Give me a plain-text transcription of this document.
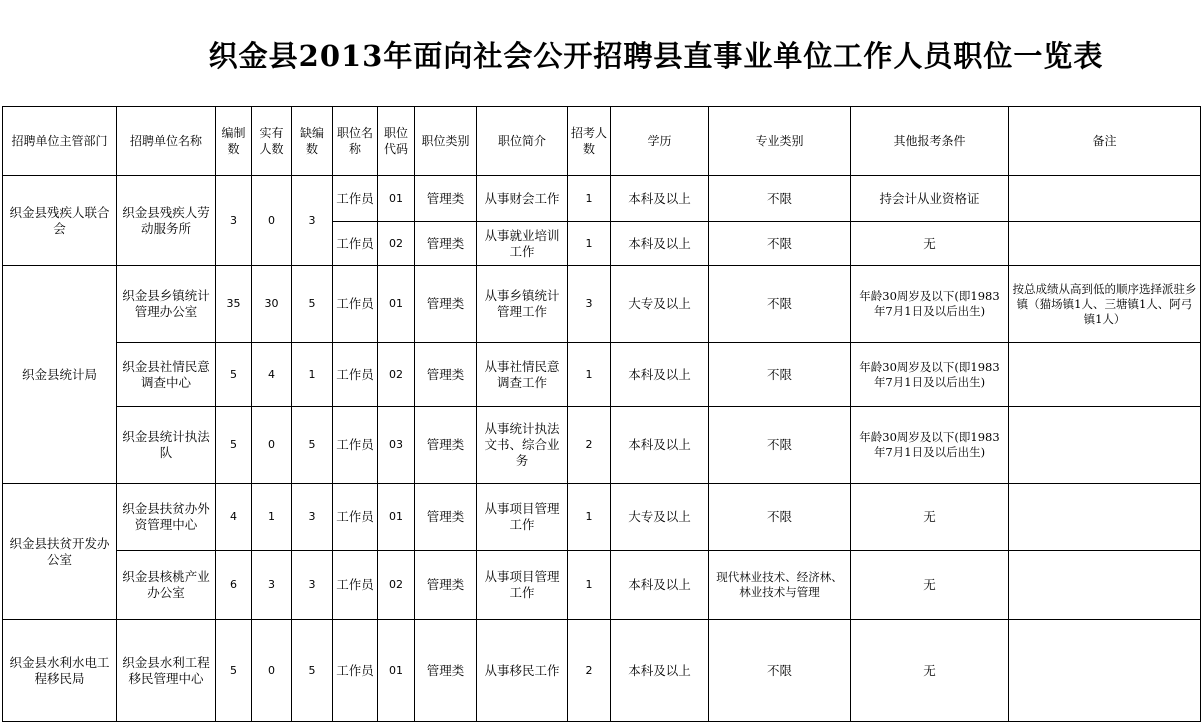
织金县2013年面向社会公开招聘县直事业单位工作人员职位一览表
招聘单位主管部门	招聘单位名称	编制数	实有人数	缺编数	职位名称	职位代码	职位类别	职位简介	招考人数	学历	专业类别	其他报考条件	备注
织金县残疾人联合会	织金县残疾人劳动服务所	3	0	3	工作员	01	管理类	从事财会工作	1	本科及以上	不限	持会计从业资格证	
					工作员	02	管理类	从事就业培训工作	1	本科及以上	不限	无	
织金县统计局	织金县乡镇统计管理办公室	35	30	5	工作员	01	管理类	从事乡镇统计管理工作	3	大专及以上	不限	年龄30周岁及以下(即1983年7月1日及以后出生)	按总成绩从高到低的顺序选择派驻乡镇（猫场镇1人、三塘镇1人、阿弓镇1人）
	织金县社情民意调查中心	5	4	1	工作员	02	管理类	从事社情民意调查工作	1	本科及以上	不限	年龄30周岁及以下(即1983年7月1日及以后出生)	
	织金县统计执法队	5	0	5	工作员	03	管理类	从事统计执法文书、综合业务	2	本科及以上	不限	年龄30周岁及以下(即1983年7月1日及以后出生)	
织金县扶贫开发办公室	织金县扶贫办外资管理中心	4	1	3	工作员	01	管理类	从事项目管理工作	1	大专及以上	不限	无	
	织金县核桃产业办公室	6	3	3	工作员	02	管理类	从事项目管理工作	1	本科及以上	现代林业技术、经济林、林业技术与管理	无	
织金县水利水电工程移民局	织金县水利工程移民管理中心	5	0	5	工作员	01	管理类	从事移民工作	2	本科及以上	不限	无	
